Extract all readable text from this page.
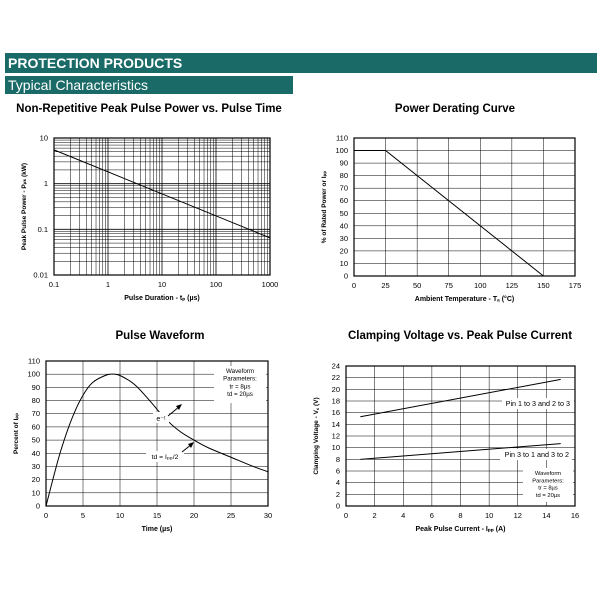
PROTECTION PRODUCTS
Typical Characteristics
Non-Repetitive Peak Pulse Power vs. Pulse Time	Power Derating Curve
Pulse Waveform	Clamping Voltage vs. Peak Pulse Current
0.1	1	10	100	1000
0.01
0.1
1
10
Pulse Duration - tₚ (µs)
Peak Pulse Power - Pₚₖ (kW)
0	25	50	75	100	125	150	175
0
10
20
30
40
50
60
70
80
90
100
110
Ambient Temperature - Tₐ (°C)
% of Rated Power or Iₚₚ
0	5	10	15	20	25	30
0
10
20
30
40
50
60
70
80
90
100
110
Time (µs)
Percent of Iₚₚ
0	2	4	6	8	10	12	14	16
0
2
4
6
8
10
12
14
16
18
20
22
24
Peak Pulse Current - Iₚₚ (A)
Clamping Voltage - V꜀ (V)
Waveform
Parameters:
tr = 8µs
td = 20µs
e⁻ᵗ
td = Iₚₚ/2
Pin 1 to 3 and 2 to 3
Pin 3 to 1 and 3 to 2
Waveform
Parameters:
tr = 8µs
td = 20µs
